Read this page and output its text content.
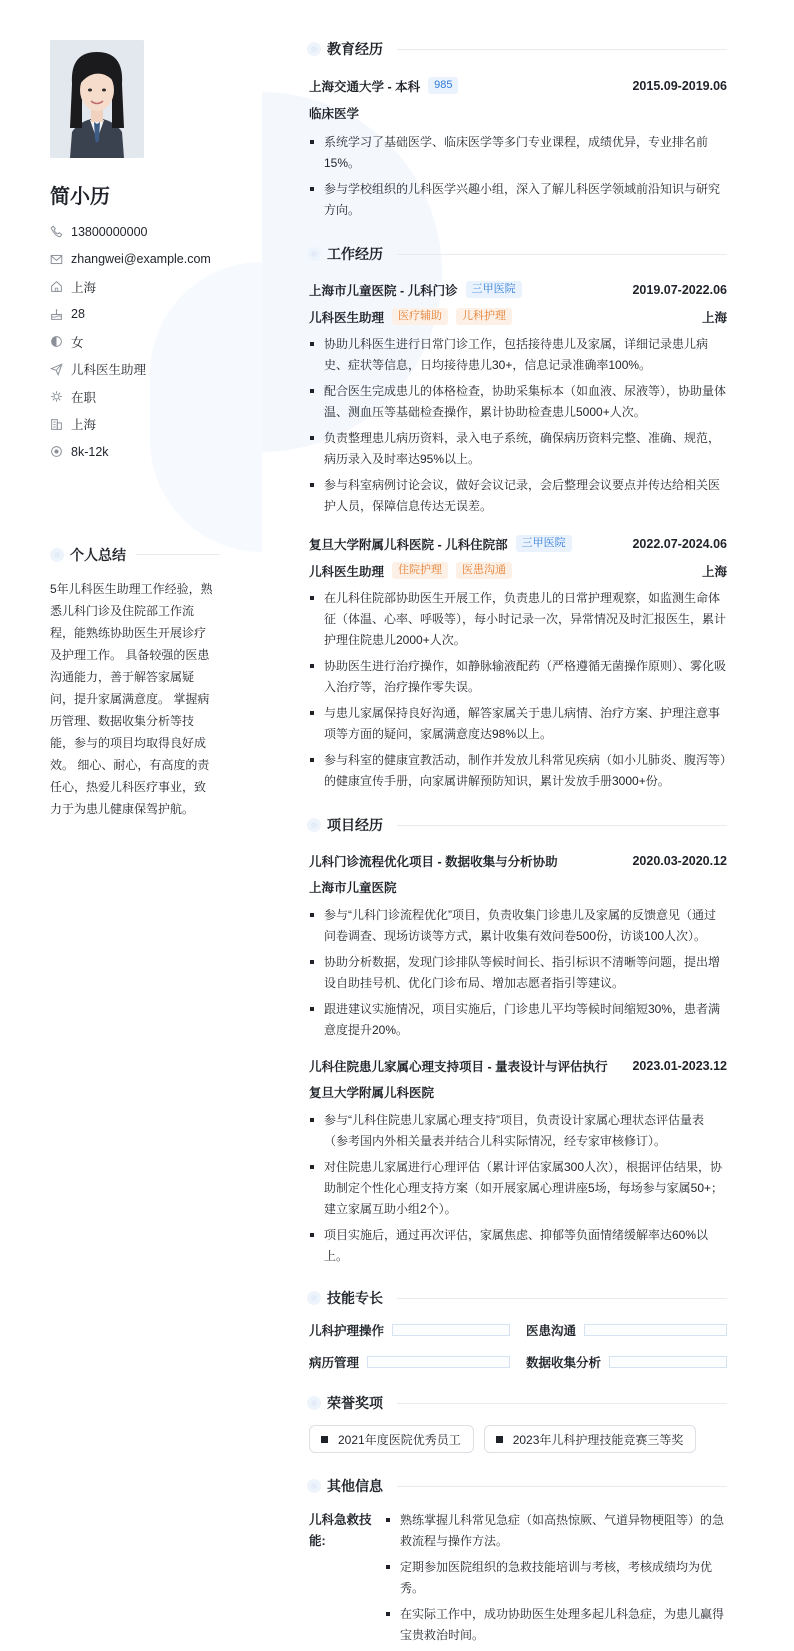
简小历
13800000000
zhangwei@example.com
上海
28
女
儿科医生助理
在职
上海
8k-12k
个人总结
5年儿科医生助理工作经验，熟悉儿科门诊及住院部工作流程，能熟练协助医生开展诊疗及护理工作。 具备较强的医患沟通能力，善于解答家属疑问，提升家属满意度。 掌握病历管理、数据收集分析等技能，参与的项目均取得良好成效。 细心、耐心，有高度的责任心，热爱儿科医疗事业，致力于为患儿健康保驾护航。
教育经历
上海交通大学 - 本科	985	2015.09-2019.06
临床医学
系统学习了基础医学、临床医学等多门专业课程，成绩优异，专业排名前15%。
参与学校组织的儿科医学兴趣小组，深入了解儿科医学领域前沿知识与研究方向。
工作经历
上海市儿童医院 - 儿科门诊	三甲医院	2019.07-2022.06
儿科医生助理	医疗辅助	儿科护理	上海
协助儿科医生进行日常门诊工作，包括接待患儿及家属，详细记录患儿病史、症状等信息，日均接待患儿30+，信息记录准确率100%。
配合医生完成患儿的体格检查，协助采集标本（如血液、尿液等），协助量体温、测血压等基础检查操作，累计协助检查患儿5000+人次。
负责整理患儿病历资料，录入电子系统，确保病历资料完整、准确、规范，病历录入及时率达95%以上。
参与科室病例讨论会议，做好会议记录，会后整理会议要点并传达给相关医护人员，保障信息传达无误差。
复旦大学附属儿科医院 - 儿科住院部	三甲医院	2022.07-2024.06
儿科医生助理	住院护理	医患沟通	上海
在儿科住院部协助医生开展工作，负责患儿的日常护理观察，如监测生命体征（体温、心率、呼吸等），每小时记录一次，异常情况及时汇报医生，累计护理住院患儿2000+人次。
协助医生进行治疗操作，如静脉输液配药（严格遵循无菌操作原则）、雾化吸入治疗等，治疗操作零失误。
与患儿家属保持良好沟通，解答家属关于患儿病情、治疗方案、护理注意事项等方面的疑问，家属满意度达98%以上。
参与科室的健康宣教活动，制作并发放儿科常见疾病（如小儿肺炎、腹泻等）的健康宣传手册，向家属讲解预防知识，累计发放手册3000+份。
项目经历
儿科门诊流程优化项目 - 数据收集与分析协助	2020.03-2020.12
上海市儿童医院
参与“儿科门诊流程优化”项目，负责收集门诊患儿及家属的反馈意见（通过问卷调查、现场访谈等方式，累计收集有效问卷500份，访谈100人次）。
协助分析数据，发现门诊排队等候时间长、指引标识不清晰等问题，提出增设自助挂号机、优化门诊布局、增加志愿者指引等建议。
跟进建议实施情况，项目实施后，门诊患儿平均等候时间缩短30%，患者满意度提升20%。
儿科住院患儿家属心理支持项目 - 量表设计与评估执行 2023.01-2023.12
复旦大学附属儿科医院
参与“儿科住院患儿家属心理支持”项目，负责设计家属心理状态评估量表（参考国内外相关量表并结合儿科实际情况，经专家审核修订）。
对住院患儿家属进行心理评估（累计评估家属300人次），根据评估结果，协助制定个性化心理支持方案（如开展家属心理讲座5场，每场参与家属50+；建立家属互助小组2个）。
项目实施后，通过再次评估，家属焦虑、抑郁等负面情绪缓解率达60%以上。
技能专长
儿科护理操作	医患沟通
病历管理	数据收集分析
荣誉奖项
2021年度医院优秀员工	2023年儿科护理技能竞赛三等奖
其他信息
儿科急救技能:
熟练掌握儿科常见急症（如高热惊厥、气道异物梗阻等）的急救流程与操作方法。
定期参加医院组织的急救技能培训与考核，考核成绩均为优秀。
在实际工作中，成功协助医生处理多起儿科急症，为患儿赢得宝贵救治时间。
